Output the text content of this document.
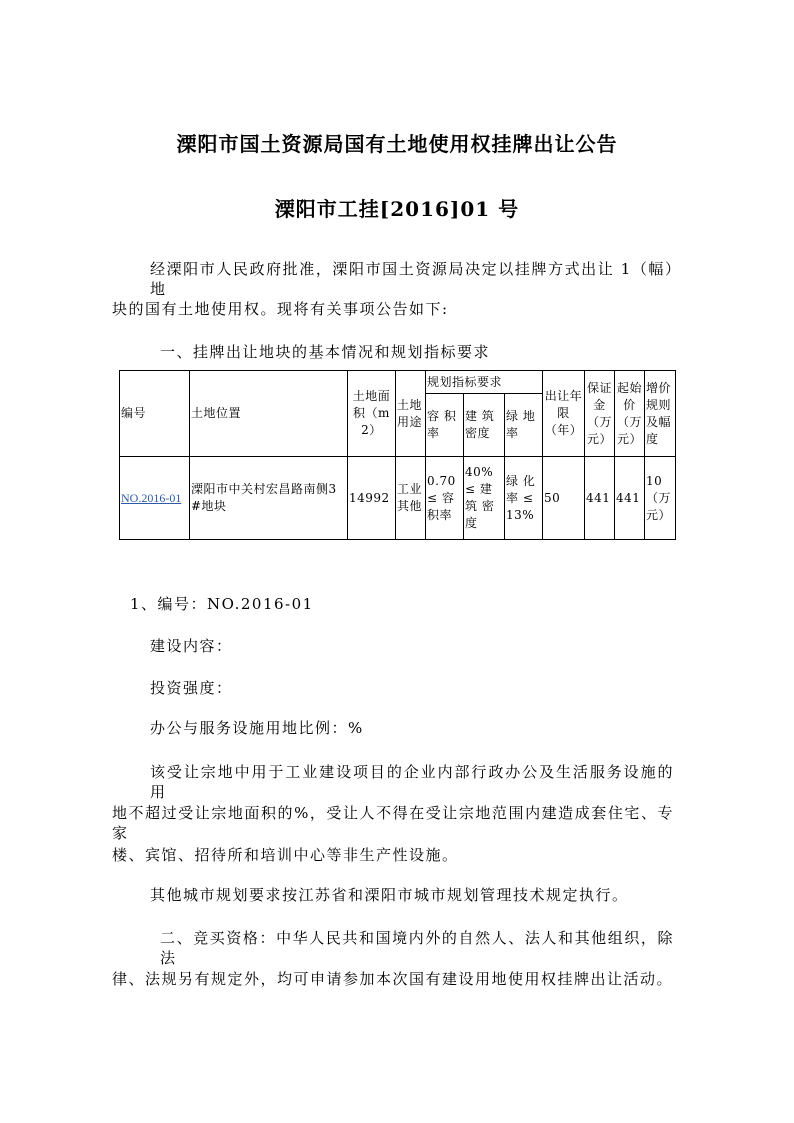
溧阳市国土资源局国有土地使用权挂牌出让公告
溧阳市工挂[2016]01 号
经溧阳市人民政府批准，溧阳市国土资源局决定以挂牌方式出让 1（幅）地
块的国有土地使用权。现将有关事项公告如下:
一、挂牌出让地块的基本情况和规划指标要求
编号	土地位置	土地面积（m2）	土地用途	规划指标要求			出让年限（年）	保证金（万元）	起始价（万元）	增价规则及幅度
				容 积率	建 筑密度	绿 地率				
NO.2016-01	溧阳市中关村宏昌路南侧3#地块	14992	工业其他	0.70 ≤ 容 积率	40% ≤ 建 筑 密 度	绿 化率 ≤ 13%	50	441	441	10 （万元）
1、编号：NO.2016-01
建设内容：
投资强度：
办公与服务设施用地比例：%
该受让宗地中用于工业建设项目的企业内部行政办公及生活服务设施的用
地不超过受让宗地面积的%，受让人不得在受让宗地范围内建造成套住宅、专家
楼、宾馆、招待所和培训中心等非生产性设施。
其他城市规划要求按江苏省和溧阳市城市规划管理技术规定执行。
二、竞买资格：中华人民共和国境内外的自然人、法人和其他组织，除法
律、法规另有规定外，均可申请参加本次国有建设用地使用权挂牌出让活动。
